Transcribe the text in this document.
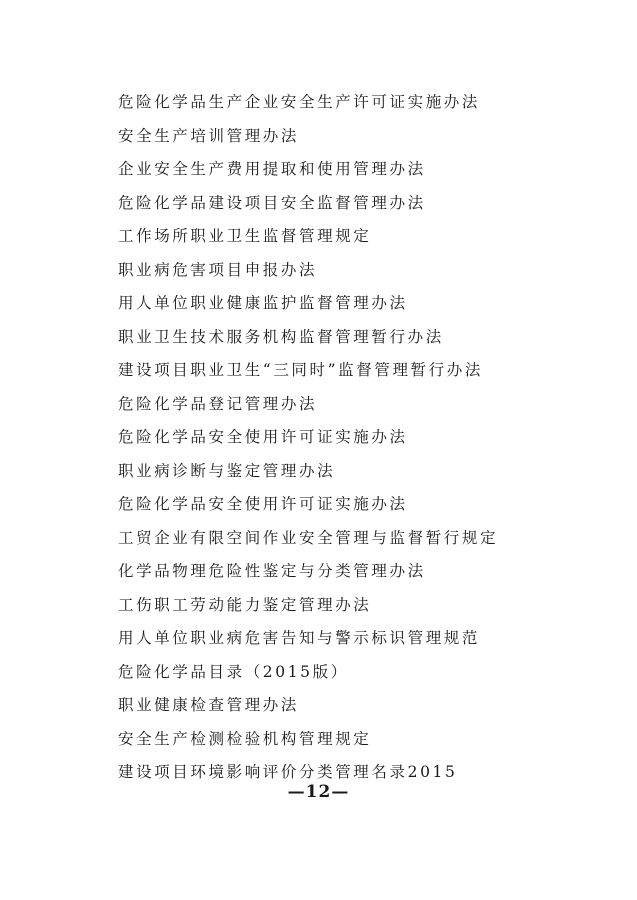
危险化学品生产企业安全生产许可证实施办法
安全生产培训管理办法
企业安全生产费用提取和使用管理办法
危险化学品建设项目安全监督管理办法
工作场所职业卫生监督管理规定
职业病危害项目申报办法
用人单位职业健康监护监督管理办法
职业卫生技术服务机构监督管理暂行办法
建设项目职业卫生“三同时”监督管理暂行办法
危险化学品登记管理办法
危险化学品安全使用许可证实施办法
职业病诊断与鉴定管理办法
危险化学品安全使用许可证实施办法
工贸企业有限空间作业安全管理与监督暂行规定
化学品物理危险性鉴定与分类管理办法
工伤职工劳动能力鉴定管理办法
用人单位职业病危害告知与警示标识管理规范
危险化学品目录（2015版）
职业健康检查管理办法
安全生产检测检验机构管理规定
建设项目环境影响评价分类管理名录2015
—12—
